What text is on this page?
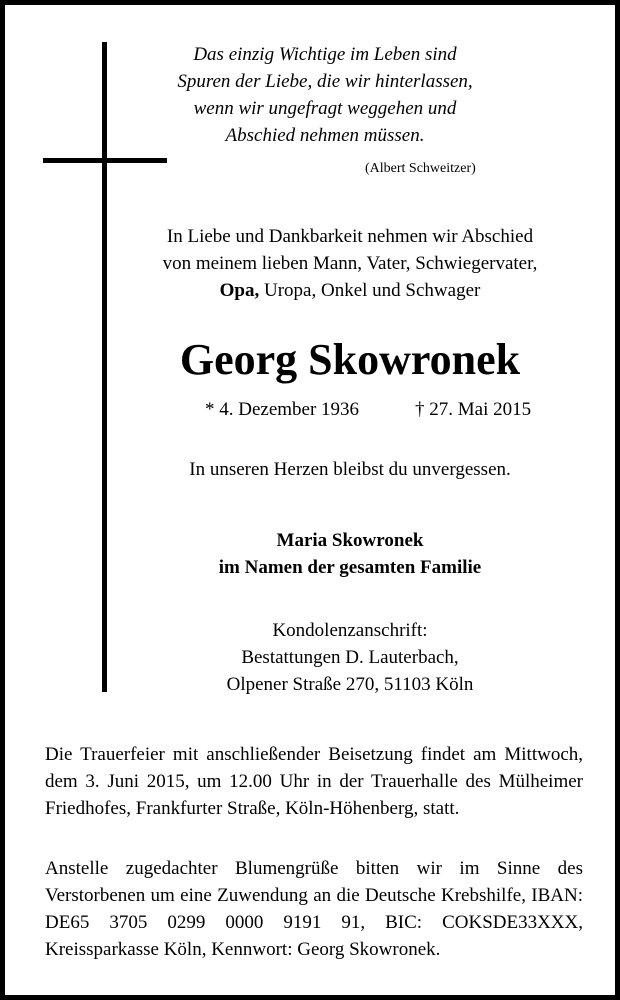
Das einzig Wichtige im Leben sind
Spuren der Liebe, die wir hinterlassen,
wenn wir ungefragt weggehen und
Abschied nehmen müssen.
(Albert Schweitzer)
In Liebe und Dankbarkeit nehmen wir Abschied
von meinem lieben Mann, Vater, Schwiegervater,
Opa, Uropa, Onkel und Schwager
Georg Skowronek
* 4. Dezember 1936	† 27. Mai 2015
In unseren Herzen bleibst du unvergessen.
Maria Skowronek
im Namen der gesamten Familie
Kondolenzanschrift:
Bestattungen D. Lauterbach,
Olpener Straße 270, 51103 Köln
Die Trauerfeier mit anschließender Beisetzung findet am Mittwoch, dem 3. Juni 2015, um 12.00 Uhr in der Trauerhalle des Mülheimer Friedhofes, Frankfurter Straße, Köln-Höhenberg, statt.
Anstelle zugedachter Blumengrüße bitten wir im Sinne des Verstorbenen um eine Zuwendung an die Deutsche Krebshilfe, IBAN: DE65 3705 0299 0000 9191 91, BIC: COKSDE33XXX, Kreissparkasse Köln, Kennwort: Georg Skowronek.
